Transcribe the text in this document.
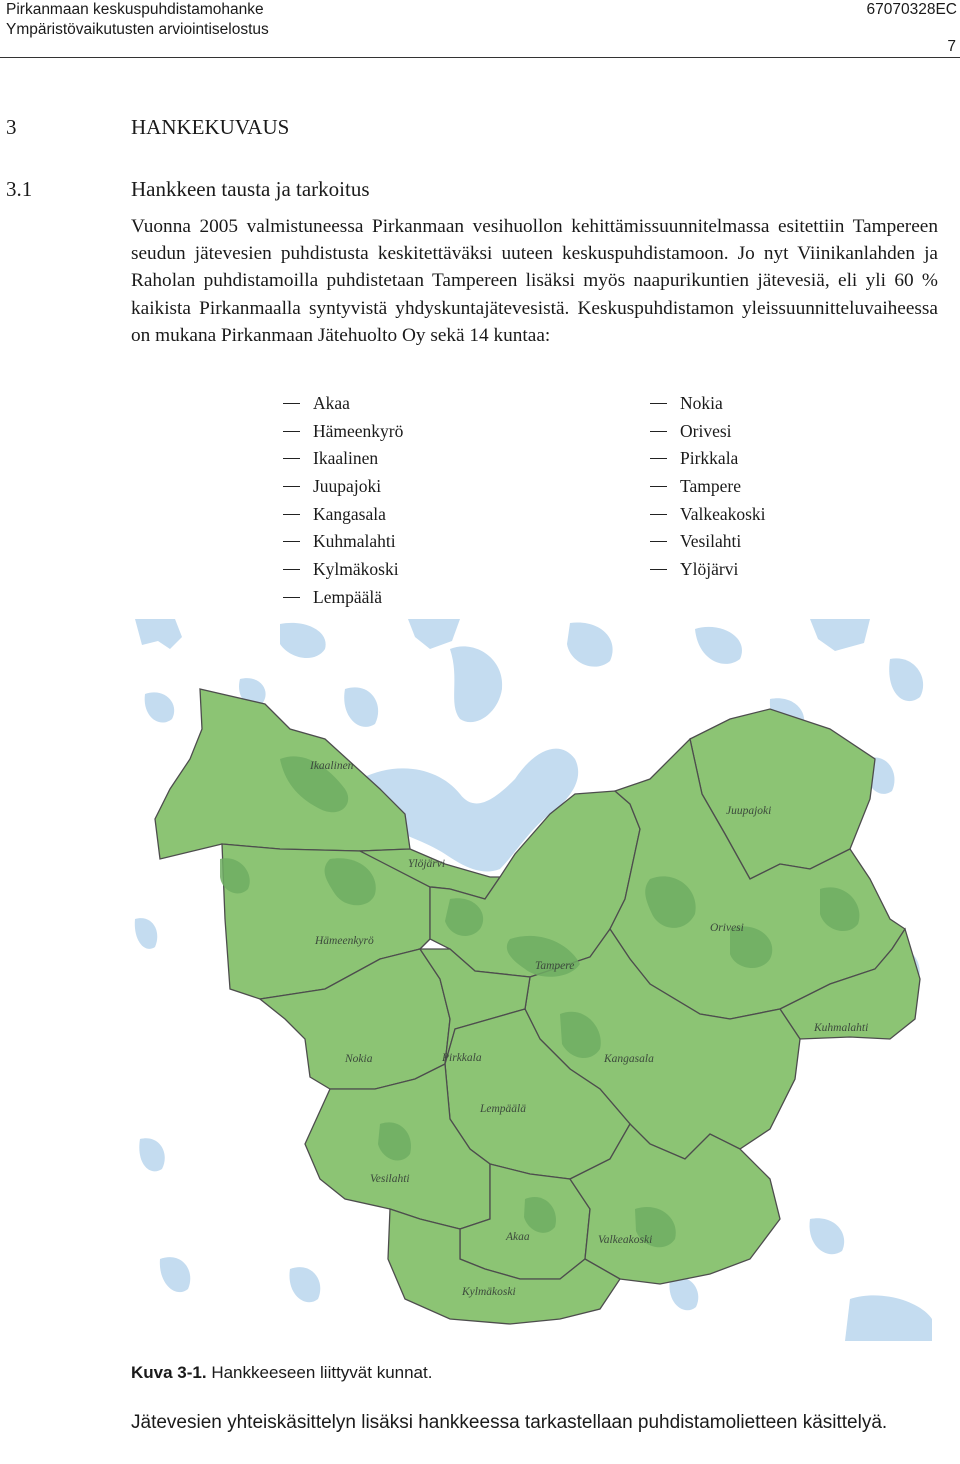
Pirkanmaan keskuspuhdistamohanke
Ympäristövaikutusten arviointiselostus
67070328EC
7
3	HANKEKUVAUS
3.1	Hankkeen tausta ja tarkoitus

Vuonna 2005 valmistuneessa Pirkanmaan vesihuollon kehittämissuunnitelmassa esitettiin Tampereen seudun jätevesien puhdistusta keskitettäväksi uuteen keskuspuhdistamoon. Jo nyt Viinikanlahden ja Raholan puhdistamoilla puhdistetaan Tampereen lisäksi myös naapurikuntien jätevesiä, eli yli 60 % kaikista Pirkanmaalla syntyvistä yhdyskuntajätevesistä. Keskuspuhdistamon yleissuunnitteluvaiheessa on mukana Pirkanmaan Jätehuolto Oy sekä 14 kuntaa:

Akaa
Hämeenkyrö
Ikaalinen
Juupajoki
Kangasala
Kuhmalahti
Kylmäkoski
Lempäälä
Nokia
Orivesi
Pirkkala
Tampere
Valkeakoski
Vesilahti
Ylöjärvi
Ikaalinen
Ylöjärvi
Hämeenkyrö
Tampere
Juupajoki
Orivesi
Kuhmalahti
Nokia	Pirkkala	Kangasala
Lempäälä
Vesilahti
Akaa	Valkeakoski
Kylmäkoski
Kuva 3-1. Hankkeeseen liittyvät kunnat.

Jätevesien yhteiskäsittelyn lisäksi hankkeessa tarkastellaan puhdistamolietteen käsittelyä.
